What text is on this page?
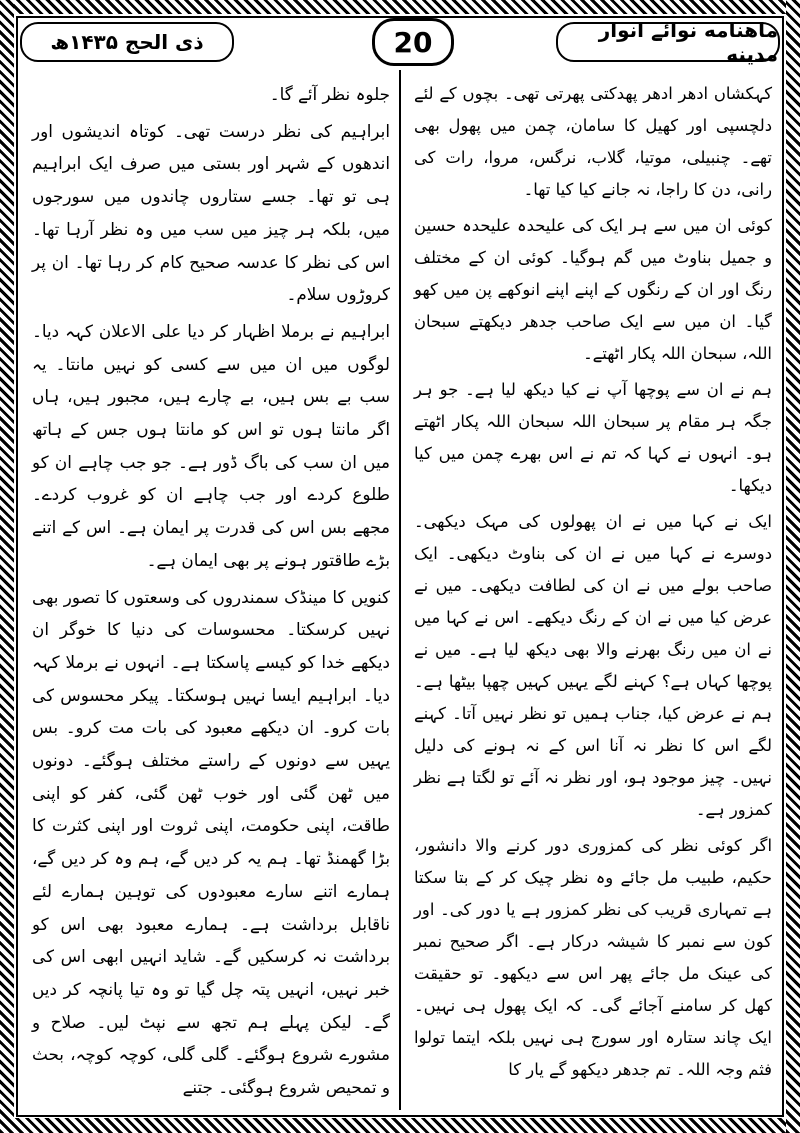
ماهنامه نوائے انوار مدینه
20
ذی الحج ۱۴۳۵ھ

کہکشاں ادھر ادھر پھدکتی پھرتی تھی۔ بچوں کے لئے دلچسپی اور کھیل کا سامان، چمن میں پھول بھی تھے۔ چنبیلی، موتیا، گلاب، نرگس، مروا، رات کی رانی، دن کا راجا، نہ جانے کیا کیا تھا۔

کوئی ان میں سے ہر ایک کی علیحدہ علیحدہ حسین و جمیل بناوٹ میں گم ہوگیا۔ کوئی ان کے مختلف رنگ اور ان کے رنگوں کے اپنے اپنے انوکھے پن میں کھو گیا۔ ان میں سے ایک صاحب جدھر دیکھتے سبحان اللہ، سبحان اللہ پکار اٹھتے۔

ہم نے ان سے پوچھا آپ نے کیا دیکھ لیا ہے۔ جو ہر جگہ ہر مقام پر سبحان اللہ سبحان اللہ پکار اٹھتے ہو۔ انہوں نے کہا کہ تم نے اس بھرے چمن میں کیا دیکھا۔

ایک نے کہا میں نے ان پھولوں کی مہک دیکھی۔ دوسرے نے کہا میں نے ان کی بناوٹ دیکھی۔ ایک صاحب بولے میں نے ان کی لطافت دیکھی۔ میں نے عرض کیا میں نے ان کے رنگ دیکھے۔ اس نے کہا میں نے ان میں رنگ بھرنے والا بھی دیکھ لیا ہے۔ میں نے پوچھا کہاں ہے؟ کہنے لگے یہیں کہیں چھپا بیٹھا ہے۔ ہم نے عرض کیا، جناب ہمیں تو نظر نہیں آتا۔ کہنے لگے اس کا نظر نہ آنا اس کے نہ ہونے کی دلیل نہیں۔ چیز موجود ہو، اور نظر نہ آئے تو لگتا ہے نظر کمزور ہے۔

اگر کوئی نظر کی کمزوری دور کرنے والا دانشور، حکیم، طبیب مل جائے وہ نظر چیک کر کے بتا سکتا ہے تمہاری قریب کی نظر کمزور ہے یا دور کی۔ اور کون سے نمبر کا شیشہ درکار ہے۔ اگر صحیح نمبر کی عینک مل جائے پھر اس سے دیکھو۔ تو حقیقت کھل کر سامنے آجائے گی۔ کہ ایک پھول ہی نہیں۔ ایک چاند ستارہ اور سورج ہی نہیں بلکہ ایتما تولوا فثم وجہ اللہ۔ تم جدھر دیکھو گے یار کا

جلوہ نظر آئے گا۔

ابراہیم کی نظر درست تھی۔ کوتاہ اندیشوں اور اندھوں کے شہر اور بستی میں صرف ایک ابراہیم ہی تو تھا۔ جسے ستاروں چاندوں میں سورجوں میں، بلکہ ہر چیز میں سب میں وہ نظر آرہا تھا۔ اس کی نظر کا عدسہ صحیح کام کر رہا تھا۔ ان پر کروڑوں سلام۔

ابراہیم نے برملا اظہار کر دیا علی الاعلان کہہ دیا۔ لوگوں میں ان میں سے کسی کو نہیں مانتا۔ یہ سب بے بس ہیں، بے چارے ہیں، مجبور ہیں، ہاں اگر مانتا ہوں تو اس کو مانتا ہوں جس کے ہاتھ میں ان سب کی باگ ڈور ہے۔ جو جب چاہے ان کو طلوع کردے اور جب چاہے ان کو غروب کردے۔ مجھے بس اس کی قدرت پر ایمان ہے۔ اس کے اتنے بڑے طاقتور ہونے پر بھی ایمان ہے۔

کنویں کا مینڈک سمندروں کی وسعتوں کا تصور بھی نہیں کرسکتا۔ محسوسات کی دنیا کا خوگر ان دیکھے خدا کو کیسے پاسکتا ہے۔ انہوں نے برملا کہہ دیا۔ ابراہیم ایسا نہیں ہوسکتا۔ پیکر محسوس کی بات کرو۔ ان دیکھے معبود کی بات مت کرو۔ بس یہیں سے دونوں کے راستے مختلف ہوگئے۔ دونوں میں ٹھن گئی اور خوب ٹھن گئی، کفر کو اپنی طاقت، اپنی حکومت، اپنی ثروت اور اپنی کثرت کا بڑا گھمنڈ تھا۔ ہم یہ کر دیں گے، ہم وہ کر دیں گے، ہمارے اتنے سارے معبودوں کی توہین ہمارے لئے ناقابل برداشت ہے۔ ہمارے معبود بھی اس کو برداشت نہ کرسکیں گے۔ شاید انہیں ابھی اس کی خبر نہیں، انہیں پتہ چل گیا تو وہ تیا پانچہ کر دیں گے۔ لیکن پہلے ہم تجھ سے نپٹ لیں۔ صلاح و مشورے شروع ہوگئے۔ گلی گلی، کوچہ کوچہ، بحث و تمحیص شروع ہوگئی۔ جتنے
